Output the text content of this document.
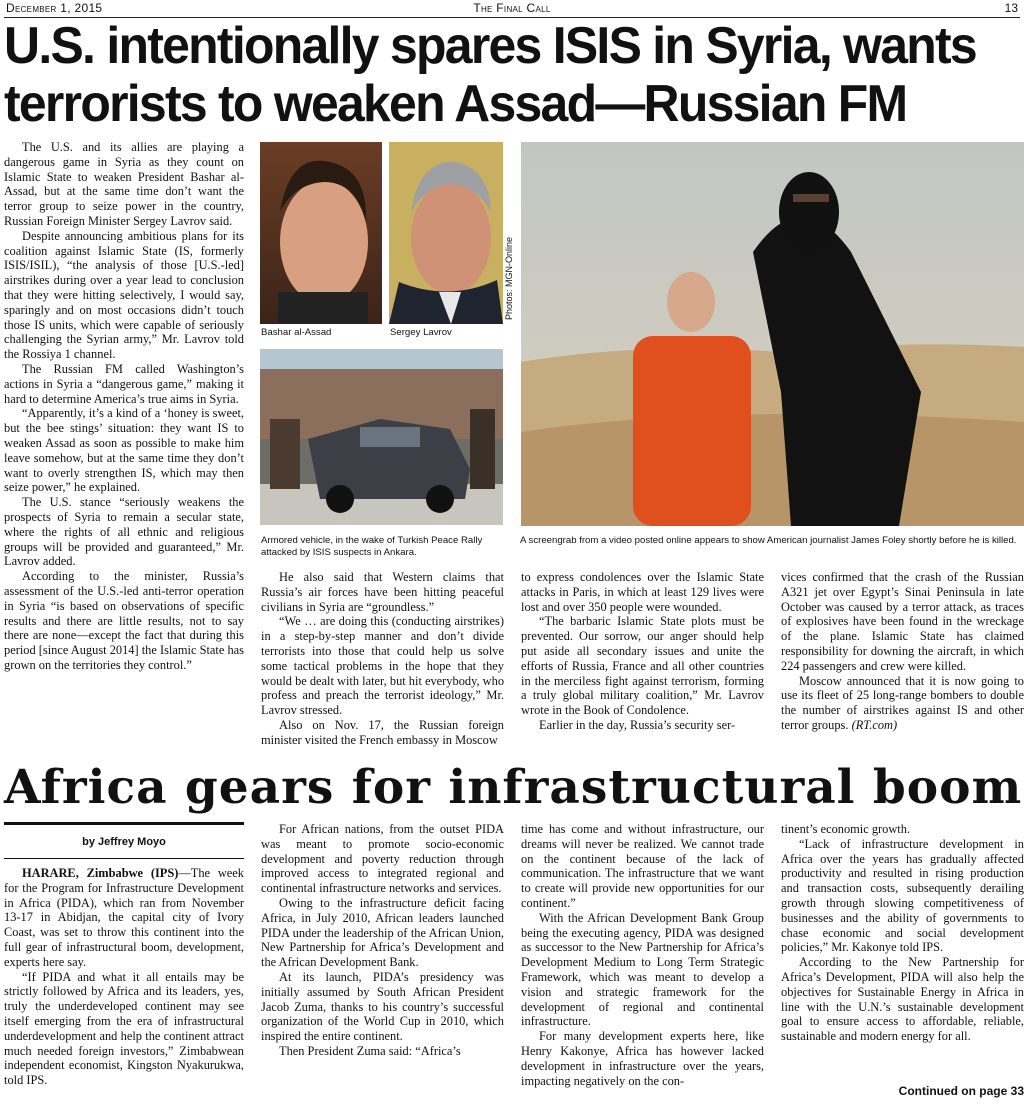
December 1, 2015	The Final Call	13
U.S. intentionally spares ISIS in Syria, wants
terrorists to weaken Assad—Russian FM

The U.S. and its allies are playing a dangerous game in Syria as they count on Islamic State to weaken President Bashar al-Assad, but at the same time don’t want the terror group to seize power in the country, Russian Foreign Minister Sergey Lavrov said.

Despite announcing ambitious plans for its coalition against Islamic State (IS, formerly ISIS/ISIL), “the analysis of those [U.S.-led] airstrikes during over a year lead to conclusion that they were hitting selectively, I would say, sparingly and on most occasions didn’t touch those IS units, which were capable of seriously challenging the Syrian army,” Mr. Lavrov told the Rossiya 1 channel.

The Russian FM called Washington’s actions in Syria a “dangerous game,” making it hard to determine America’s true aims in Syria.

“Apparently, it’s a kind of a ‘honey is sweet, but the bee stings’ situation: they want IS to weaken Assad as soon as possible to make him leave somehow, but at the same time they don’t want to overly strengthen IS, which may then seize power,” he explained.

The U.S. stance “seriously weakens the prospects of Syria to remain a secular state, where the rights of all ethnic and religious groups will be provided and guaranteed,” Mr. Lavrov added.

According to the minister, Russia’s assessment of the U.S.-led anti-terror operation in Syria “is based on observations of specific results and there are little results, not to say there are none—except the fact that during this period [since August 2014] the Islamic State has grown on the territories they control.”

Bashar al-Assad	Sergey Lavrov
Photos: MGN-Online
Armored vehicle, in the wake of Turkish Peace Rally attacked by ISIS suspects in Ankara.
A screengrab from a video posted online appears to show American journalist James Foley shortly before he is killed.

He also said that Western claims that Russia’s air forces have been hitting peaceful civilians in Syria are “groundless.”

“We … are doing this (conducting airstrikes) in a step-by-step manner and don’t divide terrorists into those that could help us solve some tactical problems in the hope that they would be dealt with later, but hit everybody, who profess and preach the terrorist ideology,” Mr. Lavrov stressed.

Also on Nov. 17, the Russian foreign minister visited the French embassy in Moscow

to express condolences over the Islamic State attacks in Paris, in which at least 129 lives were lost and over 350 people were wounded.

“The barbaric Islamic State plots must be prevented. Our sorrow, our anger should help put aside all secondary issues and unite the efforts of Russia, France and all other countries in the merciless fight against terrorism, forming a truly global military coalition,” Mr. Lavrov wrote in the Book of Condolence.

Earlier in the day, Russia’s security ser-

vices confirmed that the crash of the Russian A321 jet over Egypt’s Sinai Peninsula in late October was caused by a terror attack, as traces of explosives have been found in the wreckage of the plane. Islamic State has claimed responsibility for downing the aircraft, in which 224 passengers and crew were killed.

Moscow announced that it is now going to use its fleet of 25 long-range bombers to double the number of airstrikes against IS and other terror groups. (RT.com)

Africa gears for infrastructural boom
by Jeffrey Moyo

HARARE, Zimbabwe (IPS)—The week for the Program for Infrastructure Development in Africa (PIDA), which ran from November 13-17 in Abidjan, the capital city of Ivory Coast, was set to throw this continent into the full gear of infrastructural boom, development, experts here say.

“If PIDA and what it all entails may be strictly followed by Africa and its leaders, yes, truly the underdeveloped continent may see itself emerging from the era of infrastructural underdevelopment and help the continent attract much needed foreign investors,” Zimbabwean independent economist, Kingston Nyakurukwa, told IPS.

For African nations, from the outset PIDA was meant to promote socio-economic development and poverty reduction through improved access to integrated regional and continental infrastructure networks and services.

Owing to the infrastructure deficit facing Africa, in July 2010, African leaders launched PIDA under the leadership of the African Union, New Partnership for Africa’s Development and the African Development Bank.

At its launch, PIDA’s presidency was initially assumed by South African President Jacob Zuma, thanks to his country’s successful organization of the World Cup in 2010, which inspired the entire continent.

Then President Zuma said: “Africa’s

time has come and without infrastructure, our dreams will never be realized. We cannot trade on the continent because of the lack of communication. The infrastructure that we want to create will provide new opportunities for our continent.”

With the African Development Bank Group being the executing agency, PIDA was designed as successor to the New Partnership for Africa’s Development Medium to Long Term Strategic Framework, which was meant to develop a vision and strategic framework for the development of regional and continental infrastructure.

For many development experts here, like Henry Kakonye, Africa has however lacked development in infrastructure over the years, impacting negatively on the con-

tinent’s economic growth.

“Lack of infrastructure development in Africa over the years has gradually affected productivity and resulted in rising production and transaction costs, subsequently derailing growth through slowing competitiveness of businesses and the ability of governments to chase economic and social development policies,” Mr. Kakonye told IPS.

According to the New Partnership for Africa’s Development, PIDA will also help the objectives for Sustainable Energy in Africa in line with the U.N.’s sustainable development goal to ensure access to affordable, reliable, sustainable and modern energy for all.

Continued on page 33
